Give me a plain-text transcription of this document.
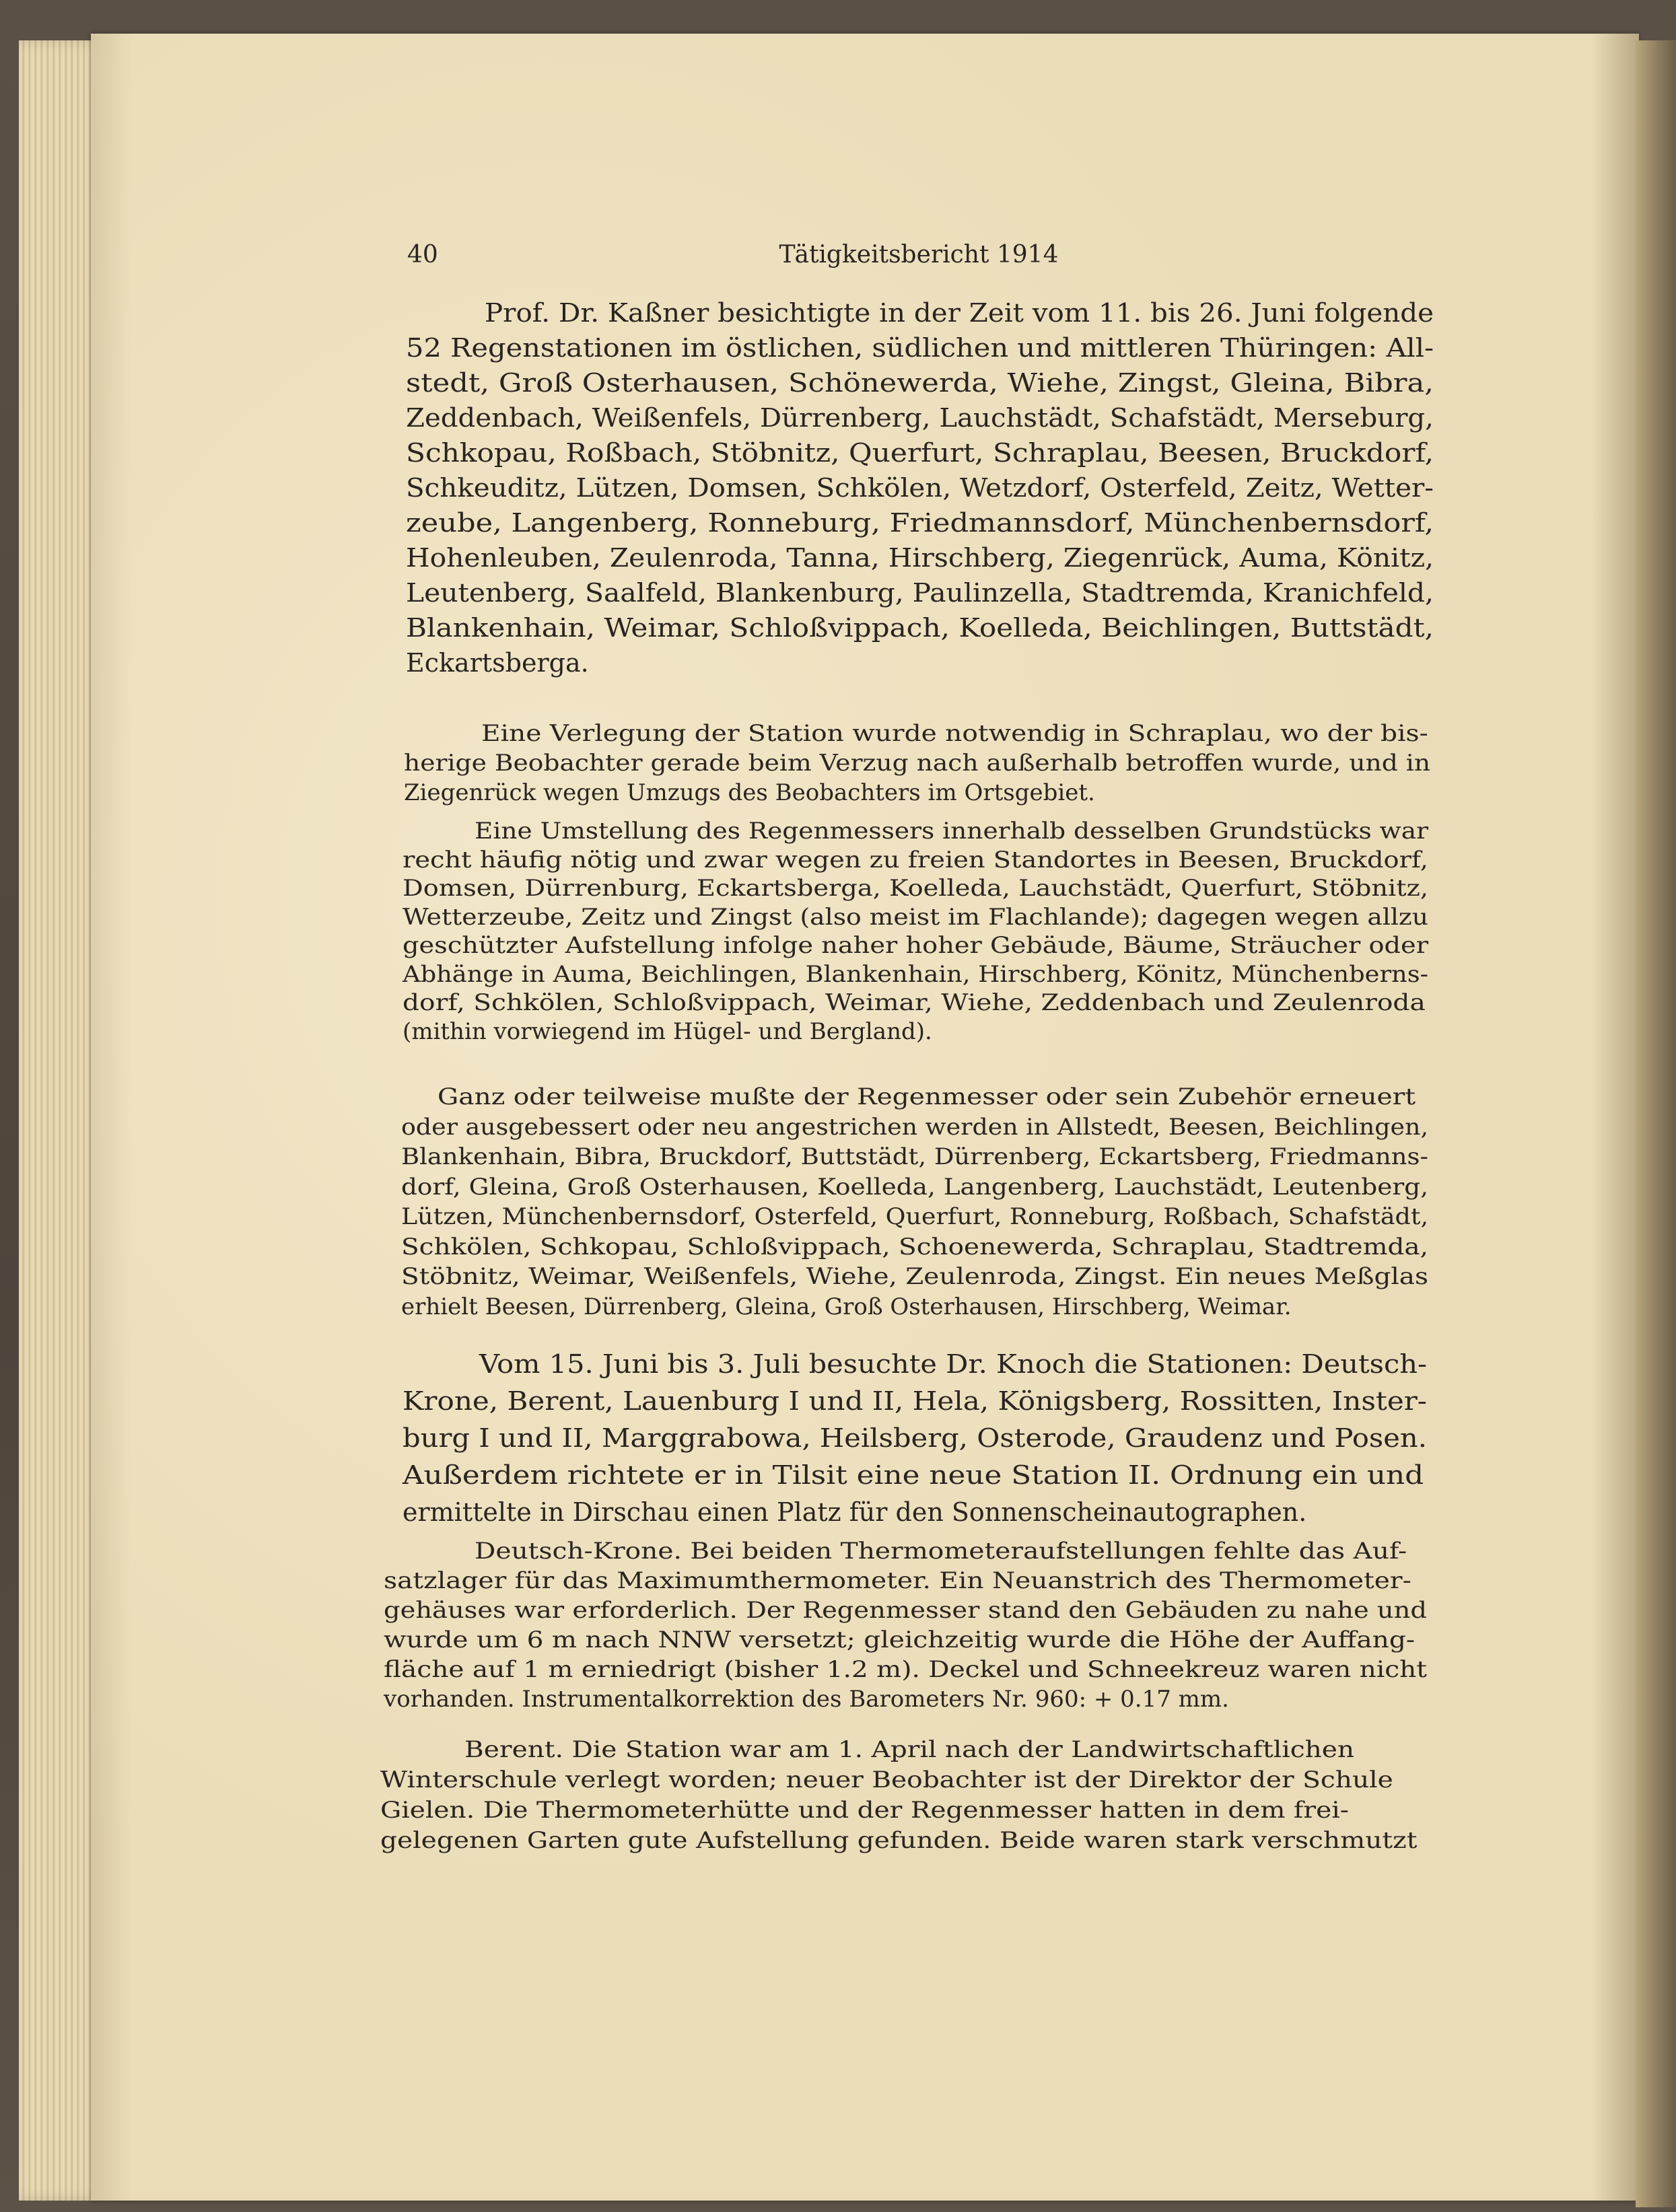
40	Tätigkeitsbericht 1914
Prof. Dr. Kaßner besichtigte in der Zeit vom 11. bis 26. Juni folgende
52 Regenstationen im östlichen, südlichen und mittleren Thüringen: All-
stedt, Groß Osterhausen, Schönewerda, Wiehe, Zingst, Gleina, Bibra,
Zeddenbach, Weißenfels, Dürrenberg, Lauchstädt, Schafstädt, Merseburg,
Schkopau, Roßbach, Stöbnitz, Querfurt, Schraplau, Beesen, Bruckdorf,
Schkeuditz, Lützen, Domsen, Schkölen, Wetzdorf, Osterfeld, Zeitz, Wetter-
zeube, Langenberg, Ronneburg, Friedmannsdorf, Münchenbernsdorf,
Hohenleuben, Zeulenroda, Tanna, Hirschberg, Ziegenrück, Auma, Könitz,
Leutenberg, Saalfeld, Blankenburg, Paulinzella, Stadtremda, Kranichfeld,
Blankenhain, Weimar, Schloßvippach, Koelleda, Beichlingen, Buttstädt,
Eckartsberga.
Eine Verlegung der Station wurde notwendig in Schraplau, wo der bis-
herige Beobachter gerade beim Verzug nach außerhalb betroffen wurde, und in
Ziegenrück wegen Umzugs des Beobachters im Ortsgebiet.
Eine Umstellung des Regenmessers innerhalb desselben Grundstücks war
recht häufig nötig und zwar wegen zu freien Standortes in Beesen, Bruckdorf,
Domsen, Dürrenburg, Eckartsberga, Koelleda, Lauchstädt, Querfurt, Stöbnitz,
Wetterzeube, Zeitz und Zingst (also meist im Flachlande); dagegen wegen allzu
geschützter Aufstellung infolge naher hoher Gebäude, Bäume, Sträucher oder
Abhänge in Auma, Beichlingen, Blankenhain, Hirschberg, Könitz, Münchenberns-
dorf, Schkölen, Schloßvippach, Weimar, Wiehe, Zeddenbach und Zeulenroda
(mithin vorwiegend im Hügel- und Bergland).
Ganz oder teilweise mußte der Regenmesser oder sein Zubehör erneuert
oder ausgebessert oder neu angestrichen werden in Allstedt, Beesen, Beichlingen,
Blankenhain, Bibra, Bruckdorf, Buttstädt, Dürrenberg, Eckartsberg, Friedmanns-
dorf, Gleina, Groß Osterhausen, Koelleda, Langenberg, Lauchstädt, Leutenberg,
Lützen, Münchenbernsdorf, Osterfeld, Querfurt, Ronneburg, Roßbach, Schafstädt,
Schkölen, Schkopau, Schloßvippach, Schoenewerda, Schraplau, Stadtremda,
Stöbnitz, Weimar, Weißenfels, Wiehe, Zeulenroda, Zingst. Ein neues Meßglas
erhielt Beesen, Dürrenberg, Gleina, Groß Osterhausen, Hirschberg, Weimar.
Vom 15. Juni bis 3. Juli besuchte Dr. Knoch die Stationen: Deutsch-
Krone, Berent, Lauenburg I und II, Hela, Königsberg, Rossitten, Inster-
burg I und II, Marggrabowa, Heilsberg, Osterode, Graudenz und Posen.
Außerdem richtete er in Tilsit eine neue Station II. Ordnung ein und
ermittelte in Dirschau einen Platz für den Sonnenscheinautographen.
Deutsch-Krone. Bei beiden Thermometeraufstellungen fehlte das Auf-
satzlager für das Maximumthermometer. Ein Neuanstrich des Thermometer-
gehäuses war erforderlich. Der Regenmesser stand den Gebäuden zu nahe und
wurde um 6 m nach NNW versetzt; gleichzeitig wurde die Höhe der Auffang-
fläche auf 1 m erniedrigt (bisher 1.2 m). Deckel und Schneekreuz waren nicht
vorhanden. Instrumentalkorrektion des Barometers Nr. 960: + 0.17 mm.
Berent. Die Station war am 1. April nach der Landwirtschaftlichen
Winterschule verlegt worden; neuer Beobachter ist der Direktor der Schule
Gielen. Die Thermometerhütte und der Regenmesser hatten in dem frei-
gelegenen Garten gute Aufstellung gefunden. Beide waren stark verschmutzt
